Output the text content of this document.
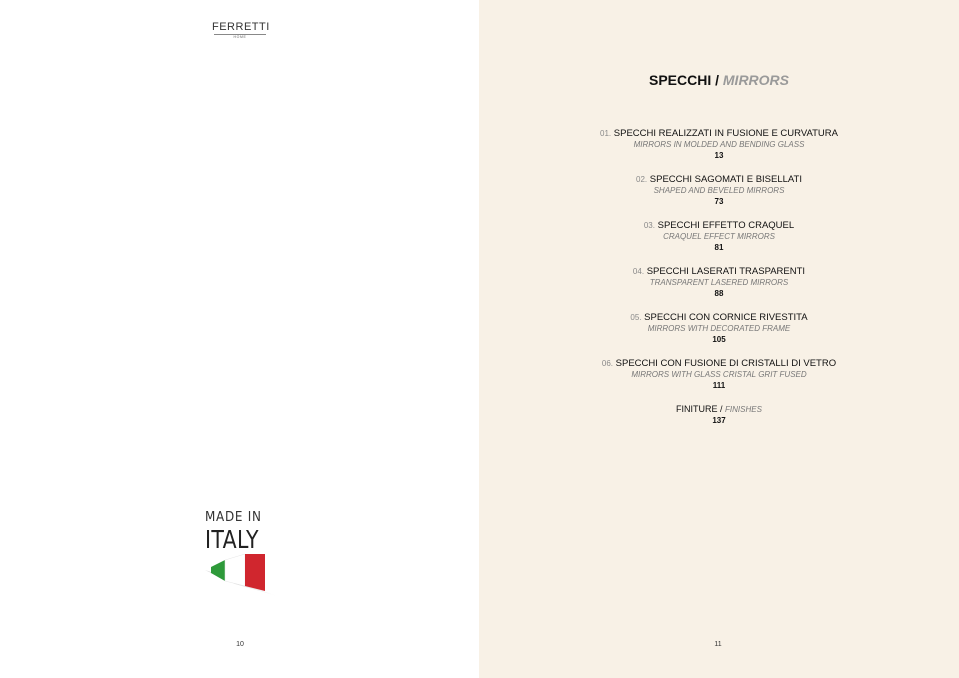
FERRETTI
HOME
MADE IN
ITALY
10
SPECCHI / MIRRORS
01. SPECCHI REALIZZATI IN FUSIONE E CURVATURA
MIRRORS IN MOLDED AND BENDING GLASS
13
02. SPECCHI SAGOMATI E BISELLATI
SHAPED AND BEVELED MIRRORS
73
03. SPECCHI EFFETTO CRAQUEL
CRAQUEL EFFECT MIRRORS
81
04. SPECCHI LASERATI TRASPARENTI
TRANSPARENT LASERED MIRRORS
88
05. SPECCHI CON CORNICE RIVESTITA
MIRRORS WITH DECORATED FRAME
105
06. SPECCHI CON FUSIONE DI CRISTALLI DI VETRO
MIRRORS WITH GLASS CRISTAL GRIT FUSED
111
FINITURE / FINISHES
137
11
